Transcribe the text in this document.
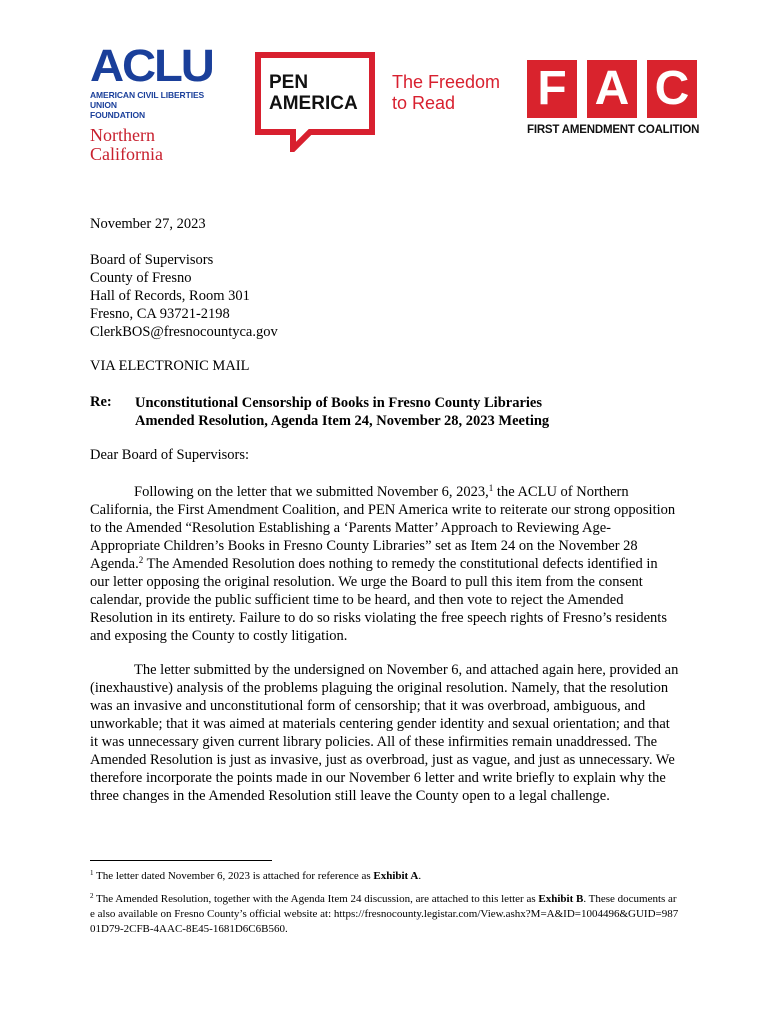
ACLU
AMERICAN CIVIL LIBERTIES UNION
FOUNDATION
Northern
California
PEN
AMERICA
The Freedom
to Read	F A C
FIRST AMENDMENT COALITION
November 27, 2023
Board of Supervisors
County of Fresno
Hall of Records, Room 301
Fresno, CA 93721-2198
ClerkBOS@fresnocountyca.gov
VIA ELECTRONIC MAIL
Re: Unconstitutional Censorship of Books in Fresno County Libraries
Amended Resolution, Agenda Item 24, November 28, 2023 Meeting
Dear Board of Supervisors:
Following on the letter that we submitted November 6, 2023,$^1$ the ACLU of Northern California, the First Amendment Coalition, and PEN America write to reiterate our strong opposition to the Amended “Resolution Establishing a ‘Parents Matter’ Approach to Reviewing Age-Appropriate Children’s Books in Fresno County Libraries” set as Item 24 on the November 28 Agenda.$^2$ The Amended Resolution does nothing to remedy the constitutional defects identified in our letter opposing the original resolution. We urge the Board to pull this item from the consent calendar, provide the public sufficient time to be heard, and then vote to reject the Amended Resolution in its entirety. Failure to do so risks violating the free speech rights of Fresno’s residents and exposing the County to costly litigation.
The letter submitted by the undersigned on November 6, and attached again here, provided an (inexhaustive) analysis of the problems plaguing the original resolution. Namely, that the resolution was an invasive and unconstitutional form of censorship; that it was overbroad, ambiguous, and unworkable; that it was aimed at materials centering gender identity and sexual orientation; and that it was unnecessary given current library policies. All of these infirmities remain unaddressed. The Amended Resolution is just as invasive, just as overbroad, just as vague, and just as unnecessary. We therefore incorporate the points made in our November 6 letter and write briefly to explain why the three changes in the Amended Resolution still leave the County open to a legal challenge.
$^1$ The letter dated November 6, 2023 is attached for reference as Exhibit A.
$^2$ The Amended Resolution, together with the Agenda Item 24 discussion, are attached to this letter as Exhibit B. These documents are also available on Fresno County’s official website at: https://fresnocounty.legistar.com/View.ashx?M=A&ID=1004496&GUID=98701D79-2CFB-4AAC-8E45-1681D6C6B560.
